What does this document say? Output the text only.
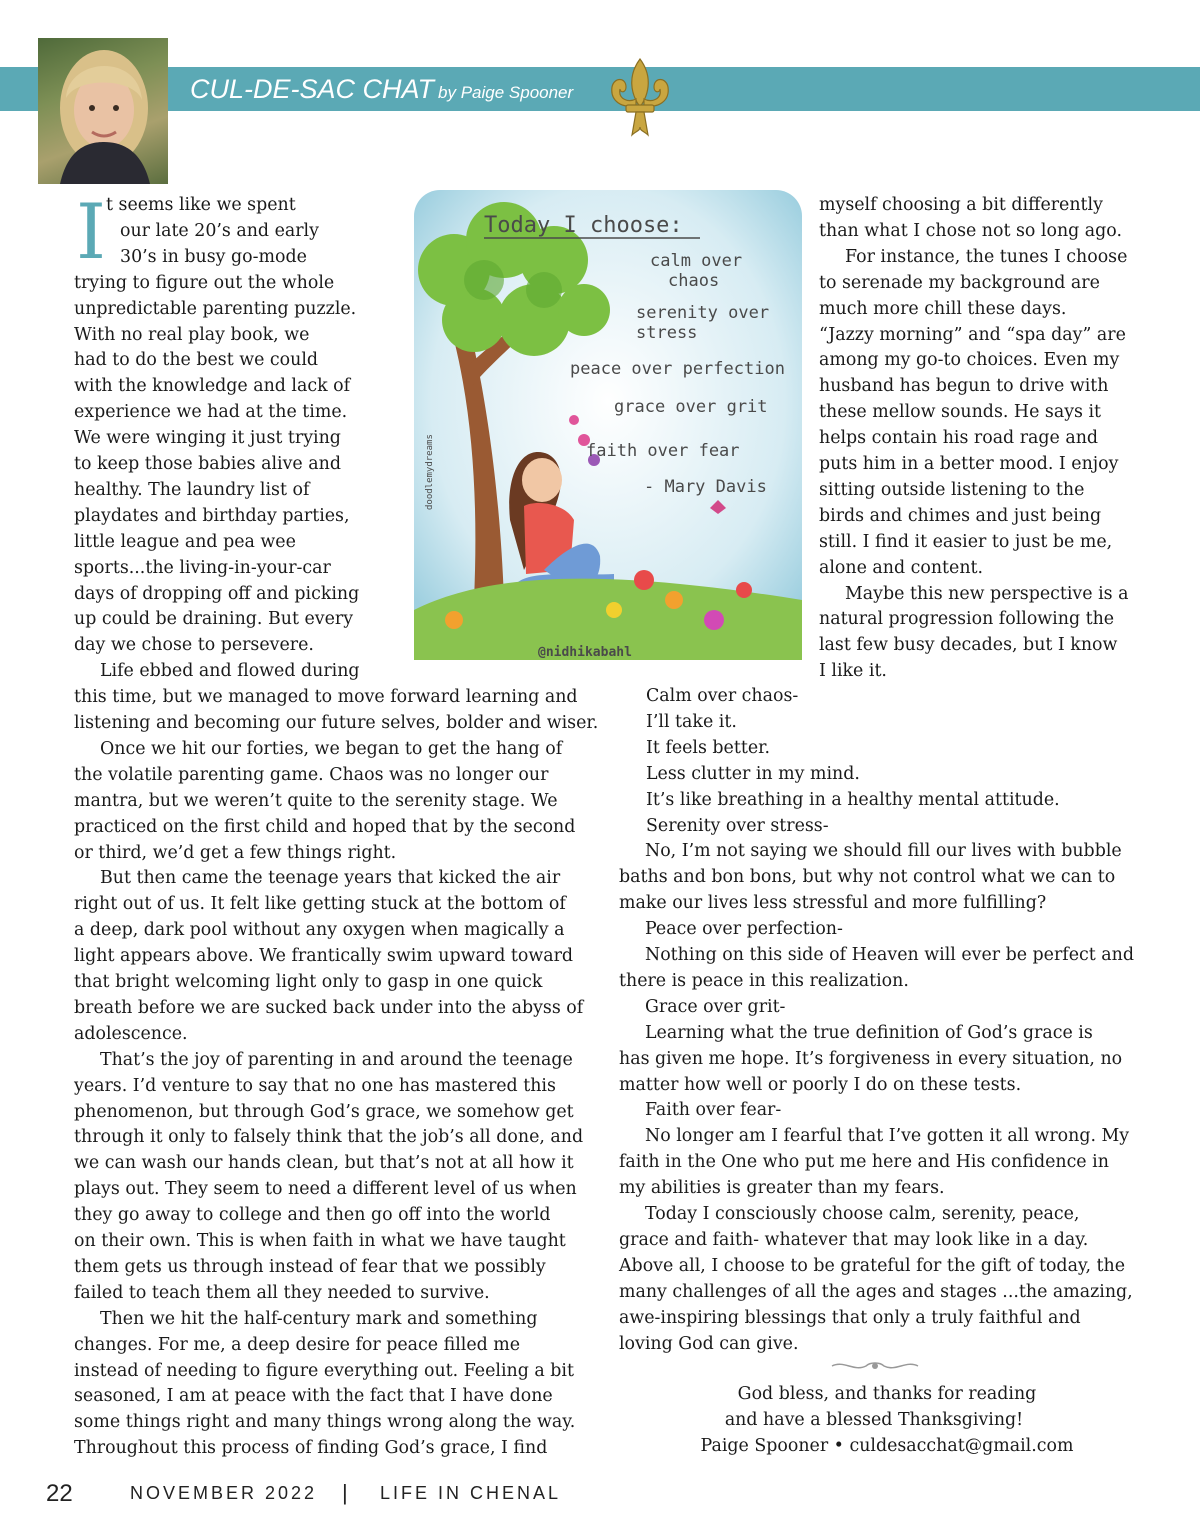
CUL-DE-SAC CHAT by Paige Spooner
I t seems like we spent
our late 20’s and early
30’s in busy go-mode
trying to figure out the whole
unpredictable parenting puzzle.
With no real play book, we
had to do the best we could
with the knowledge and lack of
experience we had at the time.
We were winging it just trying
to keep those babies alive and
healthy. The laundry list of
playdates and birthday parties,
little league and pea wee
sports...the living-in-your-car
days of dropping off and picking
up could be draining. But every
day we chose to persevere.
Life ebbed and flowed during
this time, but we managed to move forward learning and
listening and becoming our future selves, bolder and wiser.
Once we hit our forties, we began to get the hang of
the volatile parenting game. Chaos was no longer our
mantra, but we weren’t quite to the serenity stage. We
practiced on the first child and hoped that by the second
or third, we’d get a few things right.
But then came the teenage years that kicked the air
right out of us. It felt like getting stuck at the bottom of
a deep, dark pool without any oxygen when magically a
light appears above. We frantically swim upward toward
that bright welcoming light only to gasp in one quick
breath before we are sucked back under into the abyss of
adolescence.
That’s the joy of parenting in and around the teenage
years. I’d venture to say that no one has mastered this
phenomenon, but through God’s grace, we somehow get
through it only to falsely think that the job’s all done, and
we can wash our hands clean, but that’s not at all how it
plays out. They seem to need a different level of us when
they go away to college and then go off into the world
on their own. This is when faith in what we have taught
them gets us through instead of fear that we possibly
failed to teach them all they needed to survive.
Then we hit the half-century mark and something
changes. For me, a deep desire for peace filled me
instead of needing to figure everything out. Feeling a bit
seasoned, I am at peace with the fact that I have done
some things right and many things wrong along the way.
Throughout this process of finding God’s grace, I find
myself choosing a bit differently
than what I chose not so long ago.
For instance, the tunes I choose
to serenade my background are
much more chill these days.
“Jazzy morning” and “spa day” are
among my go-to choices. Even my
husband has begun to drive with
these mellow sounds. He says it
helps contain his road rage and
puts him in a better mood. I enjoy
sitting outside listening to the
birds and chimes and just being
still. I find it easier to just be me,
alone and content.
Maybe this new perspective is a
natural progression following the
last few busy decades, but I know
I like it.
Today I choose:
calm over
chaos
serenity over
stress
peace over perfection
grace over grit
faith over fear
- Mary Davis
@nidhikabahl
doodlemydreams
Calm over chaos-
I’ll take it.
It feels better.
Less clutter in my mind.
It’s like breathing in a healthy mental attitude.
Serenity over stress-
No, I’m not saying we should fill our lives with bubble
baths and bon bons, but why not control what we can to
make our lives less stressful and more fulfilling?
Peace over perfection-
Nothing on this side of Heaven will ever be perfect and
there is peace in this realization.
Grace over grit-
Learning what the true definition of God’s grace is
has given me hope. It’s forgiveness in every situation, no
matter how well or poorly I do on these tests.
Faith over fear-
No longer am I fearful that I’ve gotten it all wrong. My
faith in the One who put me here and His confidence in
my abilities is greater than my fears.
Today I consciously choose calm, serenity, peace,
grace and faith- whatever that may look like in a day.
Above all, I choose to be grateful for the gift of today, the
many challenges of all the ages and stages ...the amazing,
awe-inspiring blessings that only a truly faithful and
loving God can give.
God bless, and thanks for reading
and have a blessed Thanksgiving!
Paige Spooner • culdesacchat@gmail.com
22	NOVEMBER 2022 | LIFE IN CHENAL
